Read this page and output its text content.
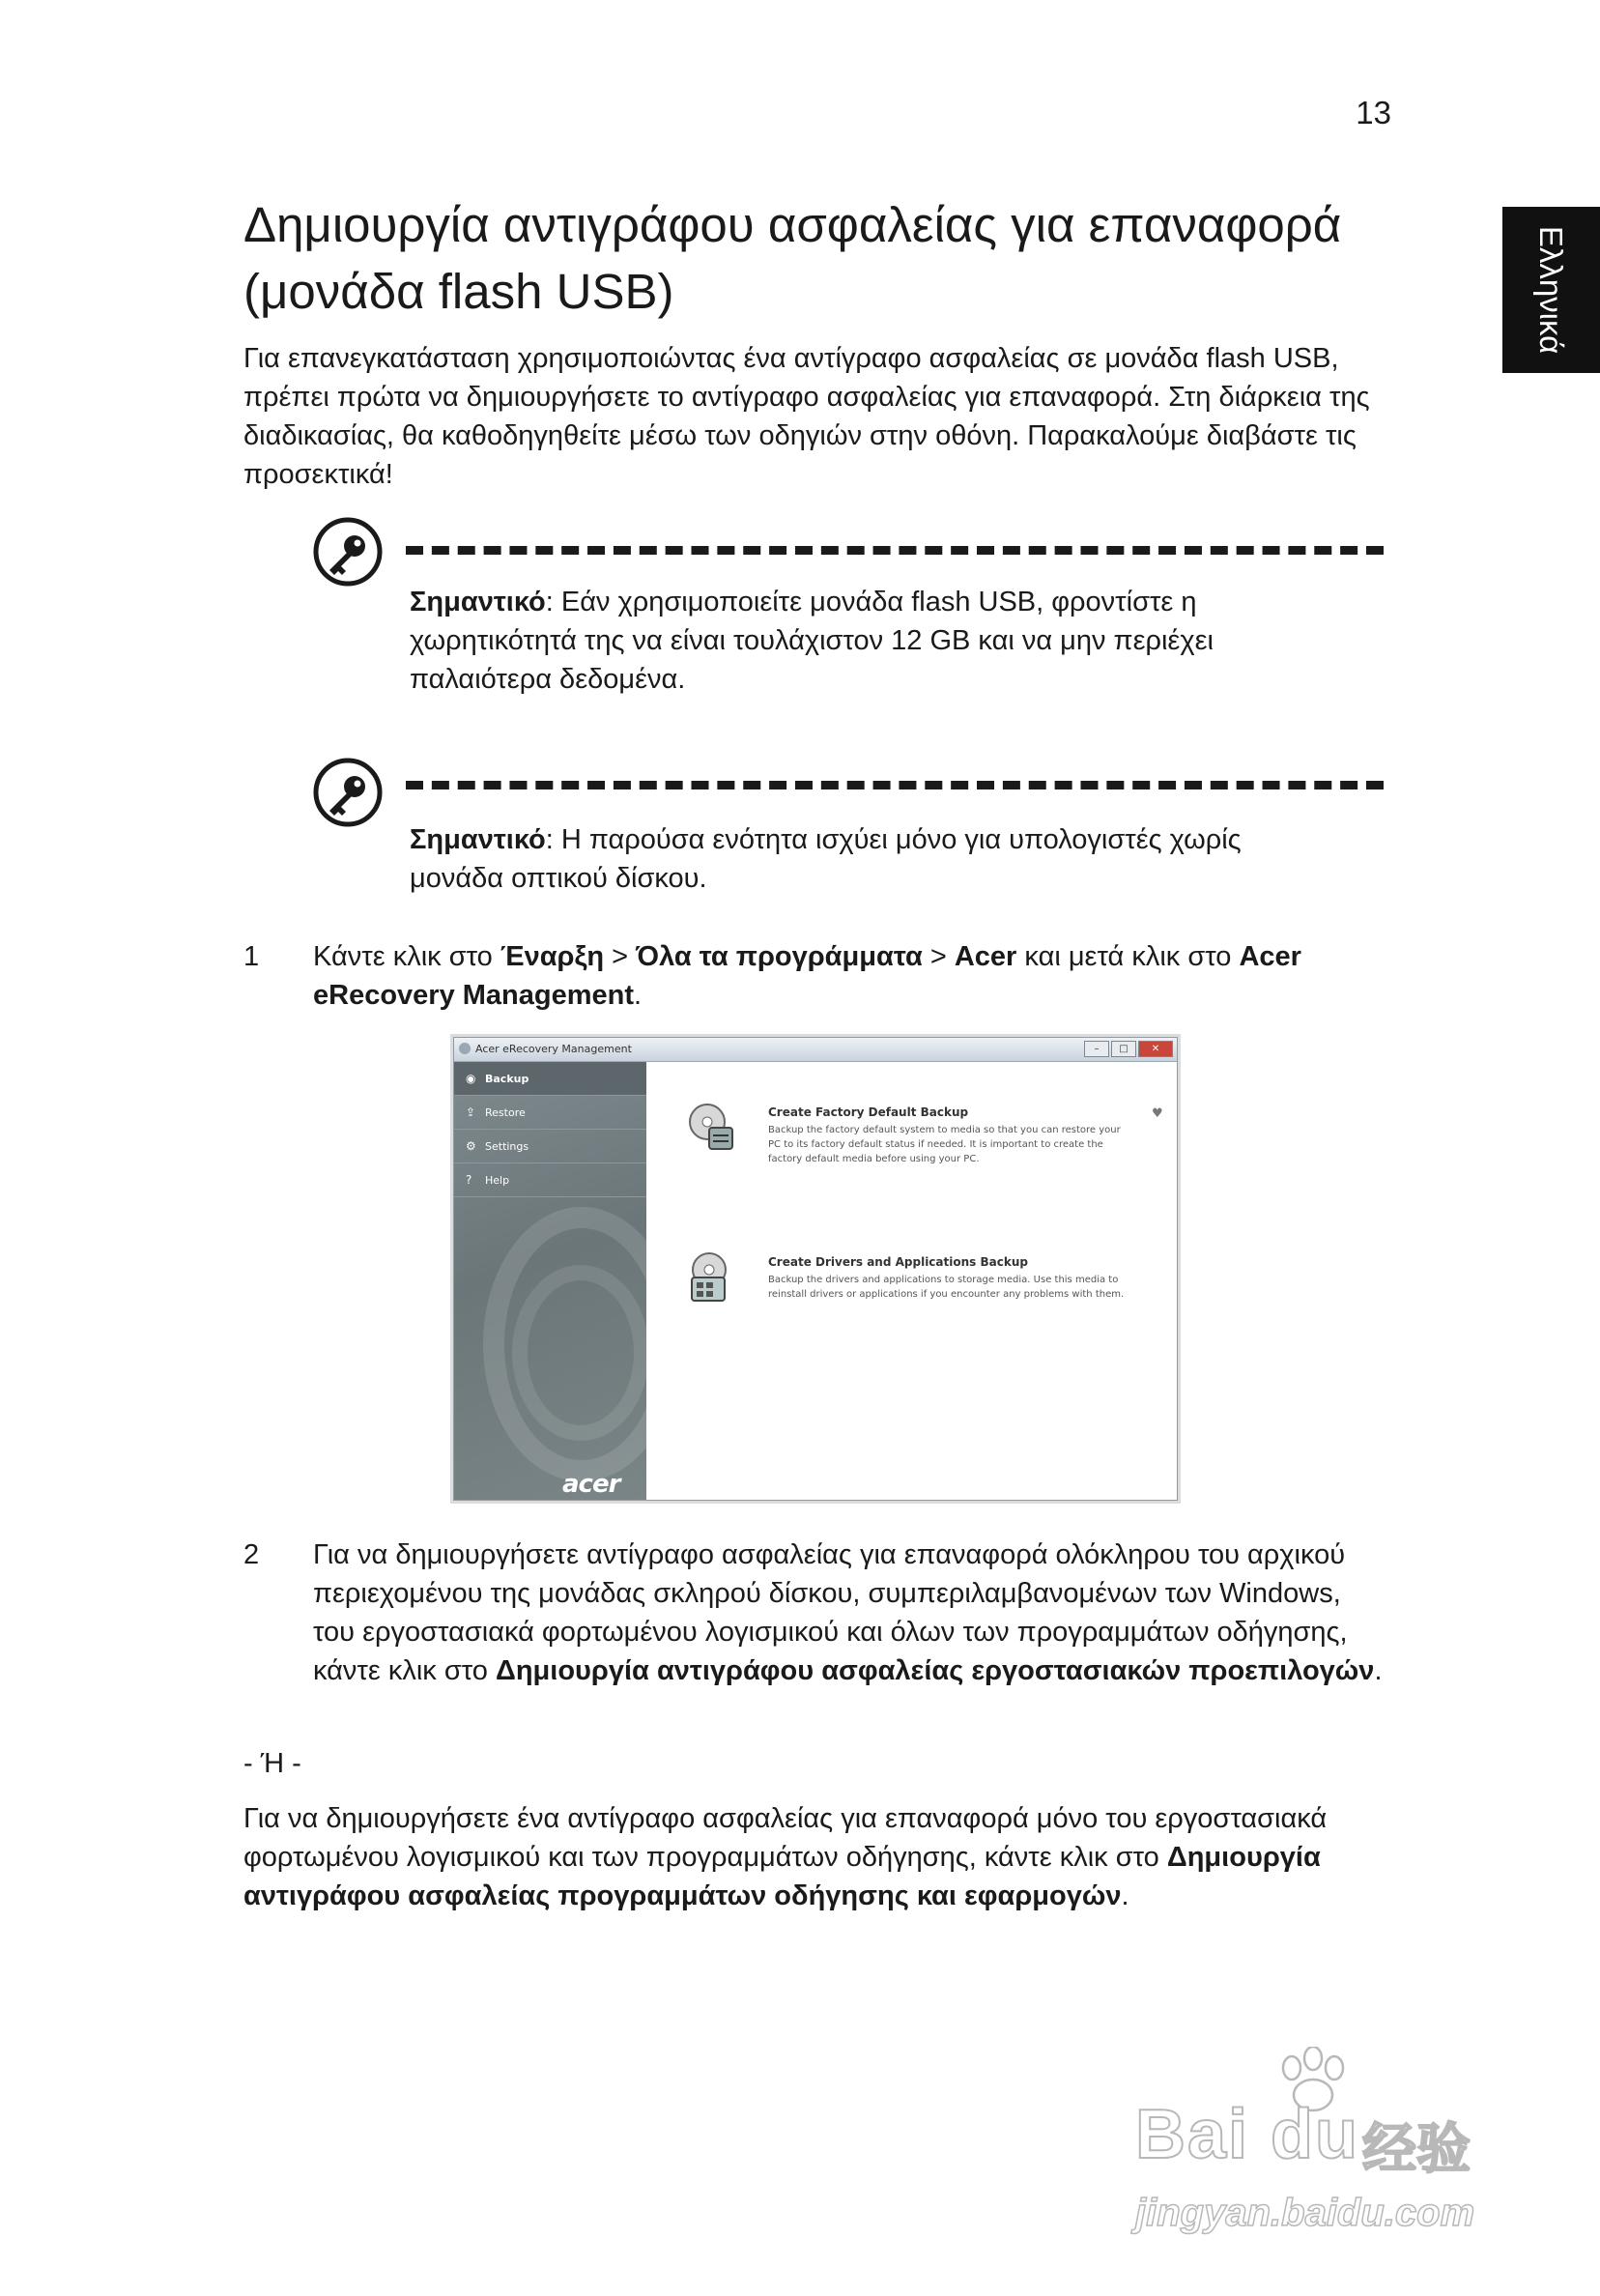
13
Ελληνικά
Δημιουργία αντιγράφου ασφαλείας για επαναφορά (μονάδα flash USB)
Για επανεγκατάσταση χρησιμοποιώντας ένα αντίγραφο ασφαλείας σε μονάδα flash USB, πρέπει πρώτα να δημιουργήσετε το αντίγραφο ασφαλείας για επαναφορά. Στη διάρκεια της διαδικασίας, θα καθοδηγηθείτε μέσω των οδηγιών στην οθόνη. Παρακαλούμε διαβάστε τις προσεκτικά!
Σημαντικό: Εάν χρησιμοποιείτε μονάδα flash USB, φροντίστε η χωρητικότητά της να είναι τουλάχιστον 12 GB και να μην περιέχει παλαιότερα δεδομένα.
Σημαντικό: Η παρούσα ενότητα ισχύει μόνο για υπολογιστές χωρίς μονάδα οπτικού δίσκου.
1 Κάντε κλικ στο Έναρξη > Όλα τα προγράμματα > Acer και μετά κλικ στο Acer eRecovery Management.
Acer eRecovery Management	–	□	✕
◉ Backup
⇪ Restore
⚙ Settings
? Help
acer
Create Factory Default Backup
Backup the factory default system to media so that you can restore your PC to its factory default status if needed. It is important to create the factory default media before using your PC.
♥
Create Drivers and Applications Backup
Backup the drivers and applications to storage media. Use this media to reinstall drivers or applications if you encounter any problems with them.
2 Για να δημιουργήσετε αντίγραφο ασφαλείας για επαναφορά ολόκληρου του αρχικού περιεχομένου της μονάδας σκληρού δίσκου, συμπεριλαμβανομένων των Windows, του εργοστασιακά φορτωμένου λογισμικού και όλων των προγραμμάτων οδήγησης, κάντε κλικ στο Δημιουργία αντιγράφου ασφαλείας εργοστασιακών προεπιλογών.
- Ή -
Για να δημιουργήσετε ένα αντίγραφο ασφαλείας για επαναφορά μόνο του εργοστασιακά φορτωμένου λογισμικού και των προγραμμάτων οδήγησης, κάντε κλικ στο Δημιουργία αντιγράφου ασφαλείας προγραμμάτων οδήγησης και εφαρμογών.
Bai du 经验
jingyan.baidu.com
